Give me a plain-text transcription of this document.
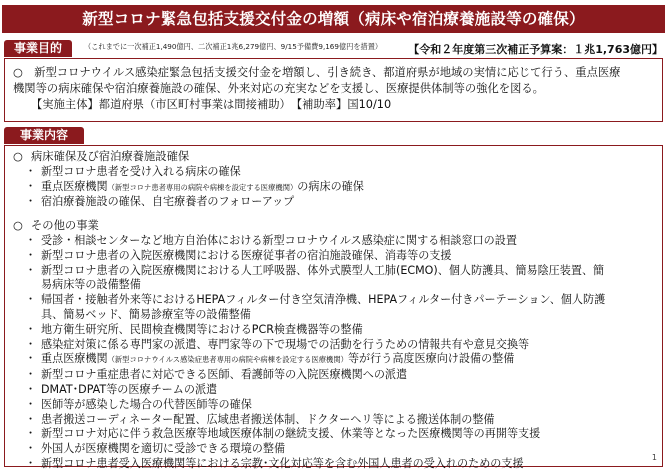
新型コロナ緊急包括支援交付金の増額（病床や宿泊療養施設等の確保）
事業目的	（これまでに一次補正1,490億円、二次補正1兆6,279億円、9/15予備費9,169億円を措置） 【令和２年度第三次補正予算案：１兆1,763億円】
○　新型コロナウイルス感染症緊急包括支援交付金を増額し、引き続き、都道府県が地域の実情に応じて行う、重点医療
機関等の病床確保や宿泊療養施設の確保、外来対応の充実などを支援し、医療提供体制等の強化を図る。
【実施主体】都道府県（市区町村事業は間接補助）　【補助率】国10/10
事業内容
○ 病床確保及び宿泊療養施設確保
・ 新型コロナ患者を受け入れる病床の確保
・ 重点医療機関（新型コロナ患者専用の病院や病棟を設定する医療機関）の病床の確保
・ 宿泊療養施設の確保、自宅療養者のフォローアップ
○ その他の事業
・ 受診・相談センターなど地方自治体における新型コロナウイルス感染症に関する相談窓口の設置
・ 新型コロナ患者の入院医療機関における医療従事者の宿泊施設確保、消毒等の支援
・ 新型コロナ患者の入院医療機関における人工呼吸器、体外式膜型人工肺(ECMO)、個人防護具、簡易陰圧装置、簡
易病床等の設備整備
・ 帰国者・接触者外来等におけるHEPAフィルター付き空気清浄機、HEPAフィルター付きパーテーション、個人防護
具、簡易ベッド、簡易診療室等の設備整備
・ 地方衛生研究所、民間検査機関等におけるPCR検査機器等の整備
・ 感染症対策に係る専門家の派遣、専門家等の下で現場での活動を行うための情報共有や意見交換等
・ 重点医療機関（新型コロナウイルス感染症患者専用の病院や病棟を設定する医療機関）等が行う高度医療向け設備の整備
・ 新型コロナ重症患者に対応できる医師、看護師等の入院医療機関への派遣
・ DMAT･DPAT等の医療チームの派遣
・ 医師等が感染した場合の代替医師等の確保
・ 患者搬送コーディネーター配置、広域患者搬送体制、ドクターヘリ等による搬送体制の整備
・ 新型コロナ対応に伴う救急医療等地域医療体制の継続支援、休業等となった医療機関等の再開等支援
・ 外国人が医療機関を適切に受診できる環境の整備
・ 新型コロナ患者受入医療機関等における宗教･文化対応等を含む外国人患者の受入れのための支援	1
